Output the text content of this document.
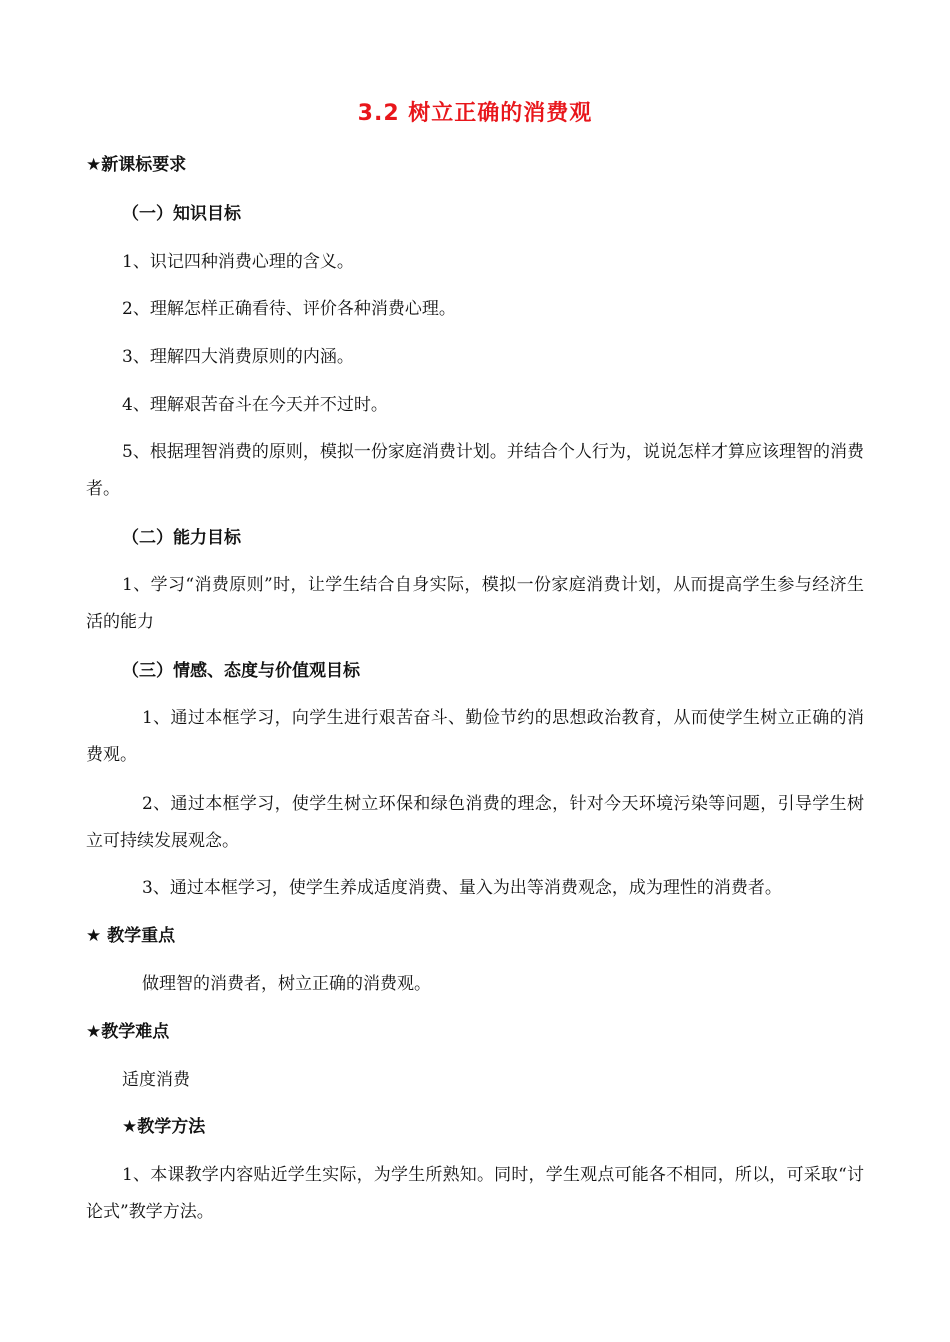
3.2 树立正确的消费观
★新课标要求
（一）知识目标
1、识记四种消费心理的含义。
2、理解怎样正确看待、评价各种消费心理。
3、理解四大消费原则的内涵。
4、理解艰苦奋斗在今天并不过时。
5、根据理智消费的原则，模拟一份家庭消费计划。并结合个人行为，说说怎样才算应该理智的消费者。
（二）能力目标
1、学习“消费原则”时，让学生结合自身实际，模拟一份家庭消费计划，从而提高学生参与经济生活的能力
（三）情感、态度与价值观目标
1、通过本框学习，向学生进行艰苦奋斗、勤俭节约的思想政治教育，从而使学生树立正确的消费观。
2、通过本框学习，使学生树立环保和绿色消费的理念，针对今天环境污染等问题，引导学生树立可持续发展观念。
3、通过本框学习，使学生养成适度消费、量入为出等消费观念，成为理性的消费者。
★ 教学重点
做理智的消费者，树立正确的消费观。
★教学难点
适度消费
★教学方法
1、本课教学内容贴近学生实际，为学生所熟知。同时，学生观点可能各不相同，所以，可采取“讨论式”教学方法。
